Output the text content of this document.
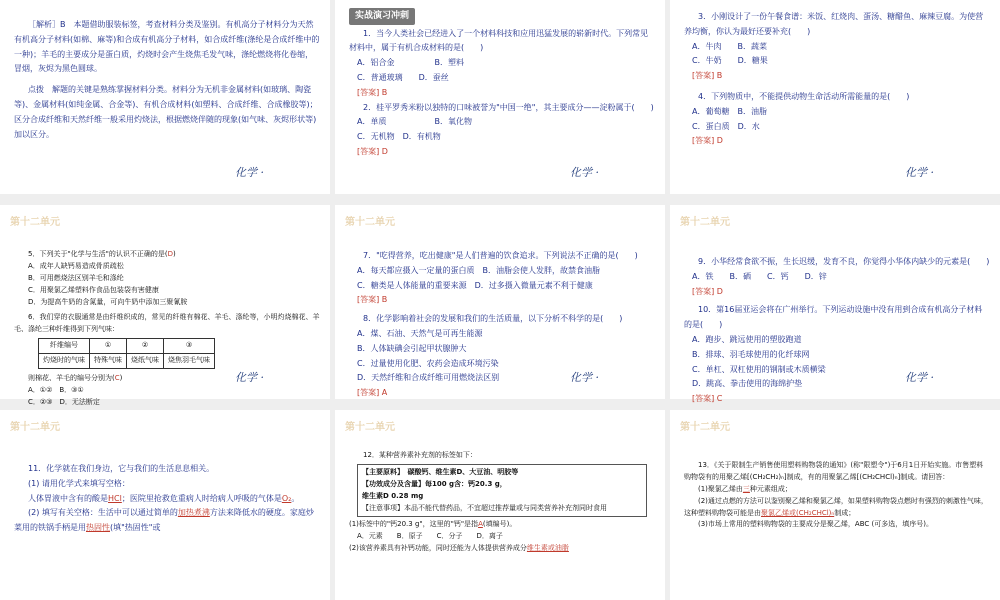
［解析］B　本题借助服装标签，考查材料分类及鉴别。有机高分子材料分为天然有机高分子材料(如棉、麻等)和合成有机高分子材料，如合成纤维(涤纶是合成纤维中的一种)；羊毛的主要成分是蛋白质，灼烧时会产生烧焦毛发气味，涤纶燃烧将化卷缩，冒烟，灰烬为黑色圆球。

点拨　解题的关键是熟练掌握材料分类。材料分为无机非金属材料(如玻璃、陶瓷等)、金属材料(如纯金属、合金等)、有机合成材料(如塑料、合成纤维、合成橡胶等)；区分合成纤维和天然纤维一般采用灼烧法，根据燃烧伴随的现象(如气味、灰烬形状等)加以区分。

化学 ·
实战演习冲刺

1．当今人类社会已经进入了一个材料科技和应用迅猛发展的崭新时代。下列常见材料中，属于有机合成材料的是(　　)

A．铝合金　　　　　	B．塑料

C．普通玻璃　　 D．蚕丝

[答案] B

2．桂平罗秀米粉以独特的口味被誉为"中国一绝"，其主要成分——淀粉属于(　　)

A．单质　　　　　　	B．氧化物

C．无机物　 D．有机物

[答案] D

化学 ·

3．小刚设计了一份午餐食谱：米饭、红烧肉、蛋汤、糖醋鱼、麻辣豆腐。为使营养均衡，你认为最好还要补充(　　)

A．牛肉　　 B．蔬菜

C．牛奶　　 D．糖果

[答案] B

4．下列物质中，不能提供动物生命活动所需能量的是(　　)

A．葡萄糖　 B．油脂

C．蛋白质　 D．水

[答案] D

化学 ·
第十二单元

5．下列关于"化学与生活"的认识不正确的是(D)

A．成年人缺钙易造成骨质疏松

B．可用燃烧法区别羊毛和涤纶

C．用聚氯乙烯塑料作食品包装袋有害健康

D．为提高牛奶的含氮量，可向牛奶中添加三聚氰胺

6．我们穿的衣服通常是由纤维织成的，常见的纤维有棉花、羊毛、涤纶等，小明灼烧棉花、羊毛、涤纶三种纤维得到下列气味：

纤维编号	①	②	③
灼烧时的气味	特殊气味	烧纸气味	烧焦羽毛气味

则棉花、羊毛的编号分别为(C)

A．①②　 B．③①

C．②③　 D．无法断定

化学 ·
第十二单元

7．"吃得营养，吃出健康"是人们普遍的饮食追求。下列说法不正确的是(　　)

A．每天都应摄入一定量的蛋白质　 B．油脂会使人发胖，故禁食油脂

C．糖类是人体能量的重要来源　 D．过多摄入微量元素不利于健康

[答案] B

8．化学影响着社会的发展和我们的生活质量，以下分析不科学的是(　　)

A．煤、石油、天然气是可再生能源

B．人体缺碘会引起甲状腺肿大

C．过量使用化肥、农药会造成环境污染

D．天然纤维和合成纤维可用燃烧法区别

[答案] A

化学 ·
第十二单元

9．小华经常食欲不振，生长迟缓，发育不良，你觉得小华体内缺少的元素是(　　)

A．铁　　 B．硒　　 C．钙　　 D．锌

[答案] D

10．第16届亚运会将在广州举行。下列运动设施中没有用到合成有机高分子材料的是(　　)

A．跑步、跳远使用的塑胶跑道

B．排球、羽毛球使用的化纤球网

C．单杠、双杠使用的钢制或木质横梁

D．跳高、拳击使用的海绵护垫

[答案] C

化学 ·
第十二单元

11．化学就在我们身边，它与我们的生活息息相关。

(1) 请用化学式来填写空格：

人体胃液中含有的酸是HCl；医院里抢救危重病人时给病人呼吸的气体是O₂。

(2) 填写有关空格：生活中可以通过简单的加热煮沸方法来降低水的硬度。家庭炒菜用的铁锅手柄是用热固性(填"热固性"或

第十二单元

12．某种营养素补充剂的标签如下：

【主要原料】　碳酸钙、维生素D、大豆油、明胶等

【功效成分及含量】每100 g含：钙20.3 g，

维生素D 0.28 mg

【注意事项】本品不能代替药品，不宜超过推荐量或与同类营养补充剂同时食用

(1)标签中的"钙20.3 g"，这里的"钙"是指A(填编号)。

A．元素　　 B．原子　　 C．分子　　 D．离子

(2)该营养素具有补钙功能，同时还能为人体提供营养成分维生素或油脂

第十二单元

13．《关于限制生产销售使用塑料购物袋的通知》(称"限塑令")于6月1日开始实施。市售塑料购物袋有的用聚乙烯[(CH₂CH₂)ₙ]制成，有的用聚氯乙烯[(CH₂CHCl)ₙ]制成。请回答：

(1)聚氯乙烯由三种元素组成；

(2)通过点燃的方法可以鉴别聚乙烯和聚氯乙烯，如果塑料购物袋点燃时有强烈的刺激性气味，这种塑料购物袋可能是由聚氯乙烯或(CH₂CHCl)ₙ制成；

(3)市场上常用的塑料购物袋的主要成分是聚乙烯，ABC (可多选，填序号)。
